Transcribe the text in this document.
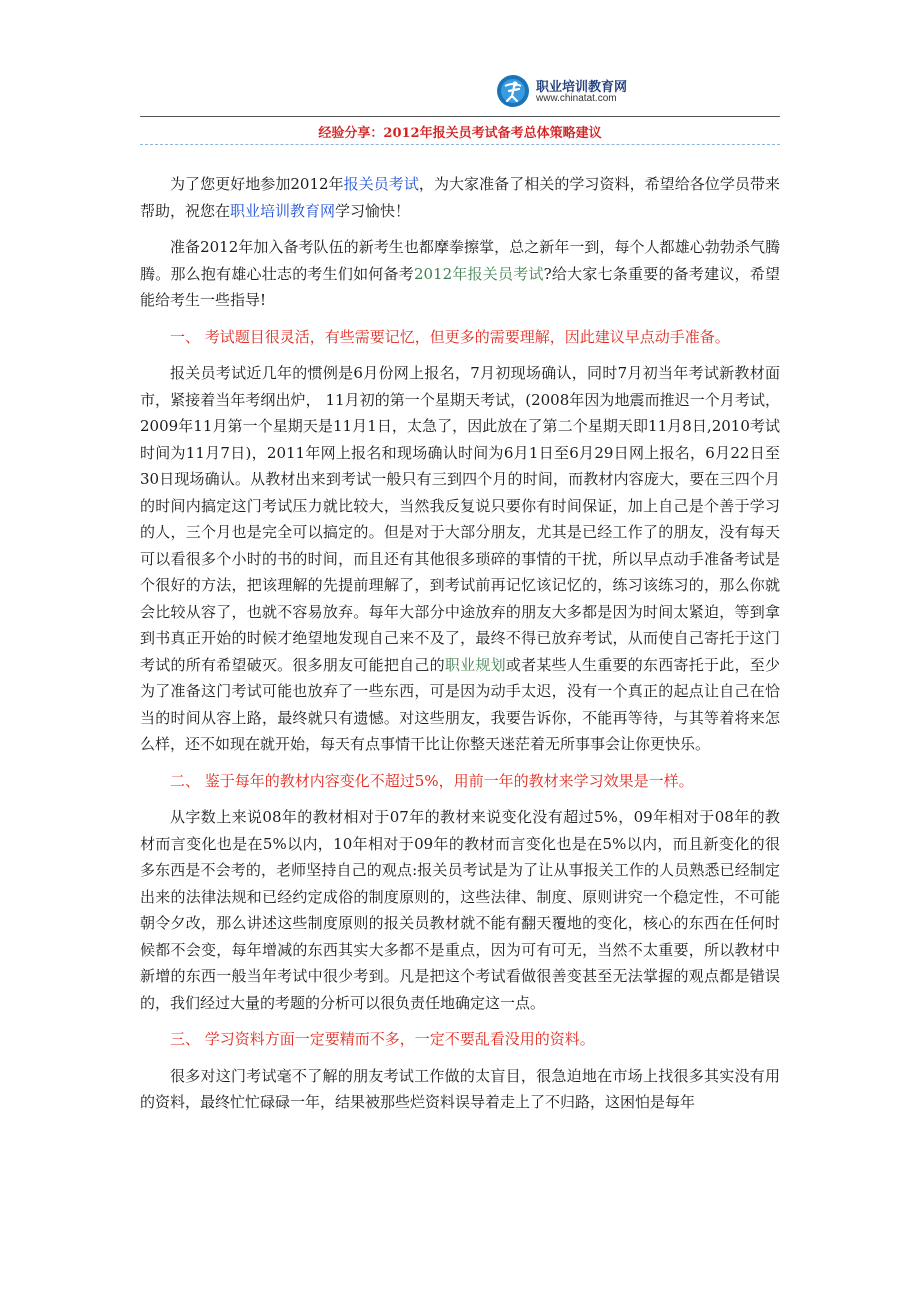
职业培训教育网
www.chinatat.com
经验分享：2012年报关员考试备考总体策略建议

为了您更好地参加2012年报关员考试，为大家准备了相关的学习资料，希望给各位学员带来帮助，祝您在职业培训教育网学习愉快！

准备2012年加入备考队伍的新考生也都摩拳擦掌，总之新年一到，每个人都雄心勃勃杀气腾腾。那么抱有雄心壮志的考生们如何备考2012年报关员考试?给大家七条重要的备考建议，希望能给考生一些指导!

一、 考试题目很灵活，有些需要记忆，但更多的需要理解，因此建议早点动手准备。

报关员考试近几年的惯例是6月份网上报名，7月初现场确认，同时7月初当年考试新教材面市，紧接着当年考纲出炉， 11月初的第一个星期天考试，(2008年因为地震而推迟一个月考试，2009年11月第一个星期天是11月1日，太急了，因此放在了第二个星期天即11月8日,2010考试时间为11月7日)，2011年网上报名和现场确认时间为6月1日至6月29日网上报名，6月22日至30日现场确认。从教材出来到考试一般只有三到四个月的时间，而教材内容庞大，要在三四个月的时间内搞定这门考试压力就比较大，当然我反复说只要你有时间保证，加上自己是个善于学习的人，三个月也是完全可以搞定的。但是对于大部分朋友，尤其是已经工作了的朋友，没有每天可以看很多个小时的书的时间，而且还有其他很多琐碎的事情的干扰，所以早点动手准备考试是个很好的方法，把该理解的先提前理解了，到考试前再记忆该记忆的，练习该练习的，那么你就会比较从容了，也就不容易放弃。每年大部分中途放弃的朋友大多都是因为时间太紧迫，等到拿到书真正开始的时候才绝望地发现自己来不及了，最终不得已放弃考试，从而使自己寄托于这门考试的所有希望破灭。很多朋友可能把自己的职业规划或者某些人生重要的东西寄托于此，至少为了准备这门考试可能也放弃了一些东西，可是因为动手太迟，没有一个真正的起点让自己在恰当的时间从容上路，最终就只有遗憾。对这些朋友，我要告诉你，不能再等待，与其等着将来怎么样，还不如现在就开始，每天有点事情干比让你整天迷茫着无所事事会让你更快乐。

二、 鉴于每年的教材内容变化不超过5%，用前一年的教材来学习效果是一样。

从字数上来说08年的教材相对于07年的教材来说变化没有超过5%，09年相对于08年的教材而言变化也是在5%以内，10年相对于09年的教材而言变化也是在5%以内，而且新变化的很多东西是不会考的，老师坚持自己的观点:报关员考试是为了让从事报关工作的人员熟悉已经制定出来的法律法规和已经约定成俗的制度原则的，这些法律、制度、原则讲究一个稳定性，不可能朝令夕改，那么讲述这些制度原则的报关员教材就不能有翻天覆地的变化，核心的东西在任何时候都不会变，每年增减的东西其实大多都不是重点，因为可有可无，当然不太重要，所以教材中新增的东西一般当年考试中很少考到。凡是把这个考试看做很善变甚至无法掌握的观点都是错误的，我们经过大量的考题的分析可以很负责任地确定这一点。

三、 学习资料方面一定要精而不多，一定不要乱看没用的资料。

很多对这门考试毫不了解的朋友考试工作做的太盲目，很急迫地在市场上找很多其实没有用的资料，最终忙忙碌碌一年，结果被那些烂资料误导着走上了不归路，这困怕是每年
